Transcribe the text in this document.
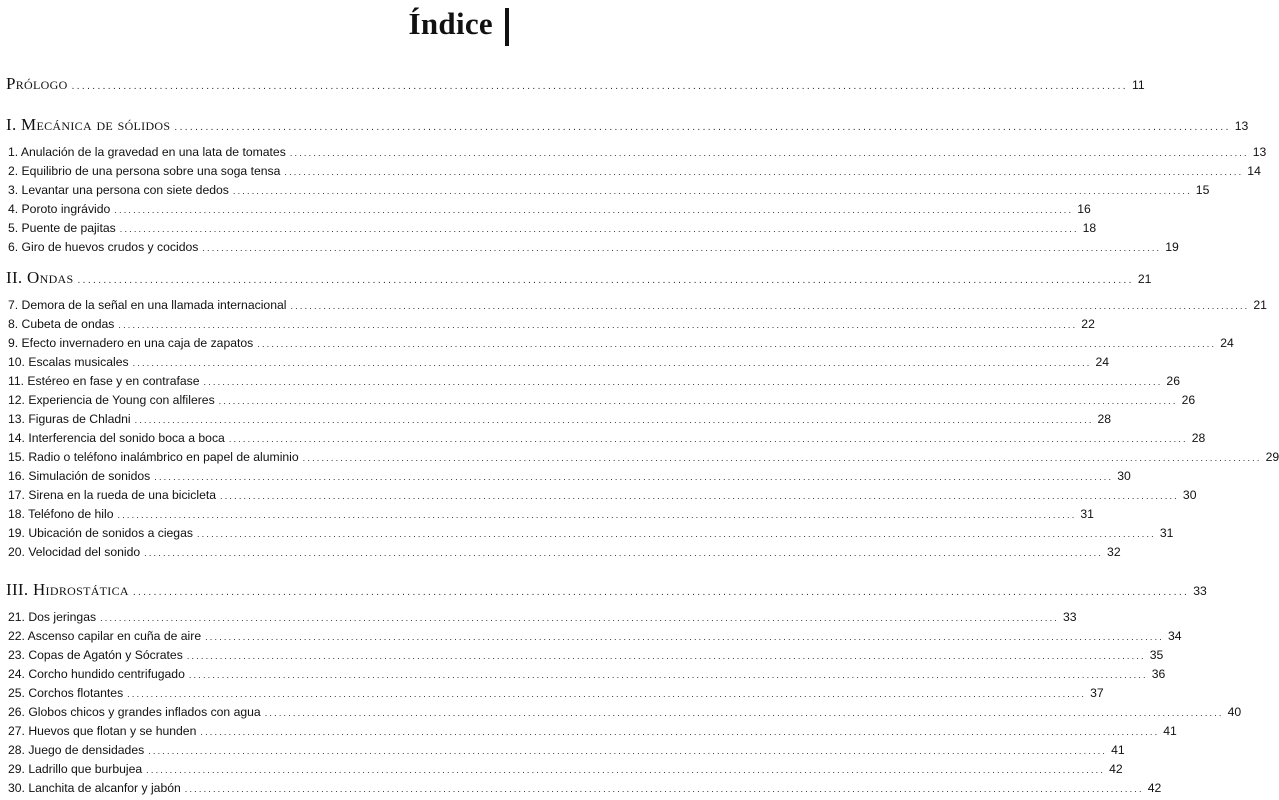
Índice
Prólogo ............................................................................................................................................................................................................ 11
I. Mecánica de sólidos ............................................................................................................................................................................................................ 13
1. Anulación de la gravedad en una lata de tomates ............................................................................................................................................................................................................ 13
2. Equilibrio de una persona sobre una soga tensa ............................................................................................................................................................................................................ 14
3. Levantar una persona con siete dedos ............................................................................................................................................................................................................ 15
4. Poroto ingrávido ............................................................................................................................................................................................................ 16
5. Puente de pajitas ............................................................................................................................................................................................................ 18
6. Giro de huevos crudos y cocidos ............................................................................................................................................................................................................ 19
II. Ondas ............................................................................................................................................................................................................ 21
7. Demora de la señal en una llamada internacional ............................................................................................................................................................................................................ 21
8. Cubeta de ondas ............................................................................................................................................................................................................ 22
9. Efecto invernadero en una caja de zapatos ............................................................................................................................................................................................................ 24
10. Escalas musicales ............................................................................................................................................................................................................ 24
11. Estéreo en fase y en contrafase ............................................................................................................................................................................................................ 26
12. Experiencia de Young con alfileres ............................................................................................................................................................................................................ 26
13. Figuras de Chladni ............................................................................................................................................................................................................ 28
14. Interferencia del sonido boca a boca ............................................................................................................................................................................................................ 28
15. Radio o teléfono inalámbrico en papel de aluminio ............................................................................................................................................................................................................ 29
16. Simulación de sonidos ............................................................................................................................................................................................................ 30
17. Sirena en la rueda de una bicicleta ............................................................................................................................................................................................................ 30
18. Teléfono de hilo ............................................................................................................................................................................................................ 31
19. Ubicación de sonidos a ciegas ............................................................................................................................................................................................................ 31
20. Velocidad del sonido ............................................................................................................................................................................................................ 32
III. Hidrostática ............................................................................................................................................................................................................ 33
21. Dos jeringas ............................................................................................................................................................................................................ 33
22. Ascenso capilar en cuña de aire ............................................................................................................................................................................................................ 34
23. Copas de Agatón y Sócrates ............................................................................................................................................................................................................ 35
24. Corcho hundido centrifugado ............................................................................................................................................................................................................ 36
25. Corchos flotantes ............................................................................................................................................................................................................ 37
26. Globos chicos y grandes inflados con agua ............................................................................................................................................................................................................ 40
27. Huevos que flotan y se hunden ............................................................................................................................................................................................................ 41
28. Juego de densidades ............................................................................................................................................................................................................ 41
29. Ladrillo que burbujea ............................................................................................................................................................................................................ 42
30. Lanchita de alcanfor y jabón ............................................................................................................................................................................................................ 42
